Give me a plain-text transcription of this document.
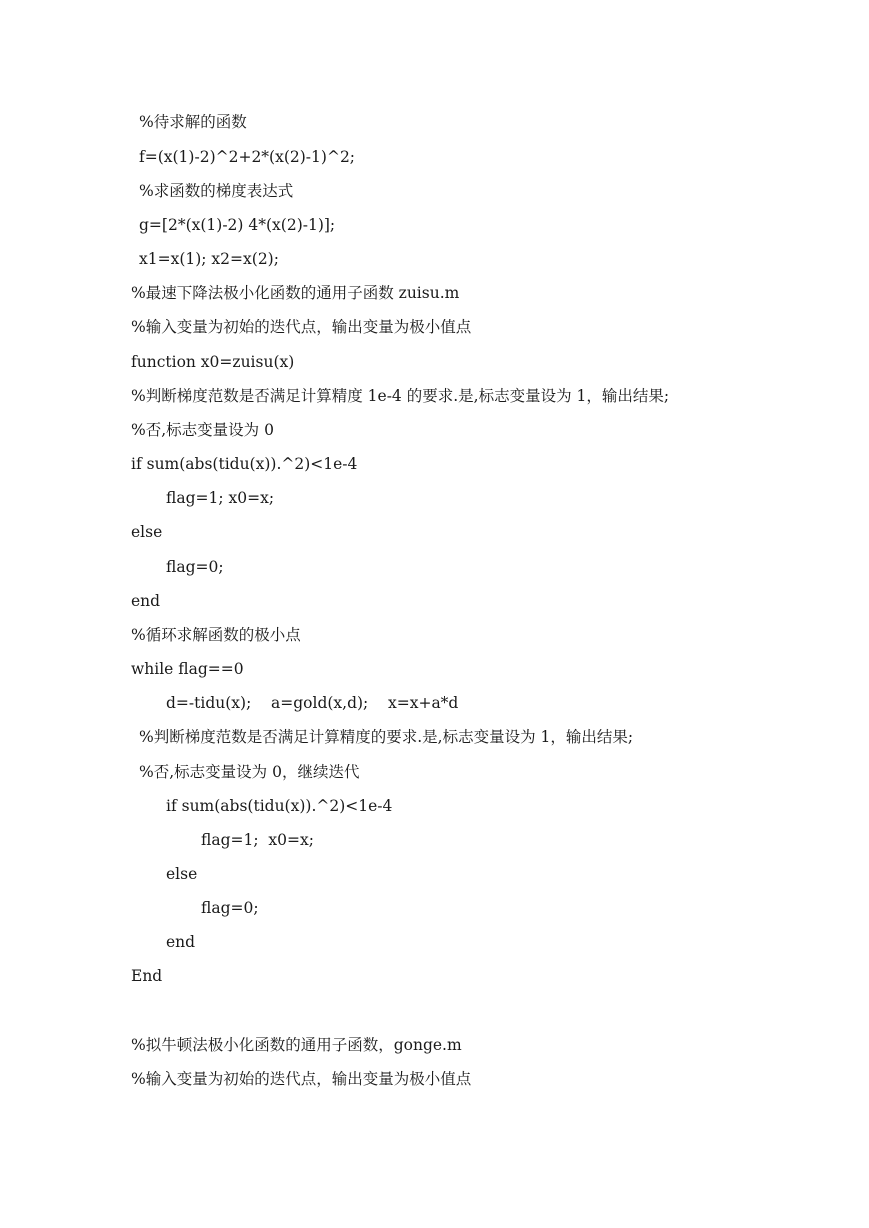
%待求解的函数
f=(x(1)-2)^2+2*(x(2)-1)^2;
%求函数的梯度表达式
g=[2*(x(1)-2) 4*(x(2)-1)];
x1=x(1); x2=x(2);
%最速下降法极小化函数的通用子函数 zuisu.m
%输入变量为初始的迭代点，输出变量为极小值点
function x0=zuisu(x)
%判断梯度范数是否满足计算精度 1e-4 的要求.是,标志变量设为 1，输出结果;
%否,标志变量设为 0
if sum(abs(tidu(x)).^2)<1e-4
flag=1; x0=x;
else
flag=0;
end
%循环求解函数的极小点
while flag==0
d=-tidu(x);    a=gold(x,d);    x=x+a*d
%判断梯度范数是否满足计算精度的要求.是,标志变量设为 1，输出结果;
%否,标志变量设为 0，继续迭代
if sum(abs(tidu(x)).^2)<1e-4
flag=1;  x0=x;
else
flag=0;
end
End
%拟牛顿法极小化函数的通用子函数，gonge.m
%输入变量为初始的迭代点，输出变量为极小值点
